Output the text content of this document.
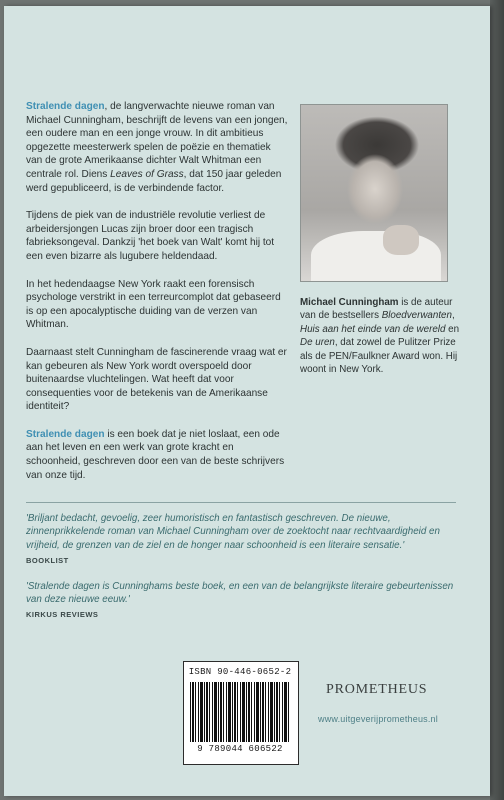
Stralende dagen, de langverwachte nieuwe roman van Michael Cunningham, beschrijft de levens van een jongen, een oudere man en een jonge vrouw. In dit ambitieus opgezette meesterwerk spelen de poëzie en thematiek van de grote Amerikaanse dichter Walt Whitman een centrale rol. Diens Leaves of Grass, dat 150 jaar geleden werd gepubliceerd, is de verbindende factor.

Tijdens de piek van de industriële revolutie verliest de arbeidersjongen Lucas zijn broer door een tragisch fabrieksongeval. Dankzij 'het boek van Walt' komt hij tot een even bizarre als lugubere heldendaad.

In het hedendaagse New York raakt een forensisch psychologe verstrikt in een terreurcomplot dat gebaseerd is op een apocalyptische duiding van de verzen van Whitman.

Daarnaast stelt Cunningham de fascinerende vraag wat er kan gebeuren als New York wordt overspoeld door buitenaardse vluchtelingen. Wat heeft dat voor consequenties voor de betekenis van de Amerikaanse identiteit?

Stralende dagen is een boek dat je niet loslaat, een ode aan het leven en een werk van grote kracht en schoonheid, geschreven door een van de beste schrijvers van onze tijd.

Michael Cunningham is de auteur van de bestsellers Bloedverwanten, Huis aan het einde van de wereld en De uren, dat zowel de Pulitzer Prize als de PEN/Faulkner Award won. Hij woont in New York.

'Briljant bedacht, gevoelig, zeer humoristisch en fantastisch geschreven. De nieuwe, zinnenprikkelende roman van Michael Cunningham over de zoektocht naar rechtvaardigheid en vrijheid, de grenzen van de ziel en de honger naar schoonheid is een literaire sensatie.'

BOOKLIST

'Stralende dagen is Cunninghams beste boek, en een van de belangrijkste literaire gebeurtenissen van deze nieuwe eeuw.'

KIRKUS REVIEWS

ISBN 90-446-0652-2
9 789044 606522
PROMETHEUS
www.uitgeverijprometheus.nl
